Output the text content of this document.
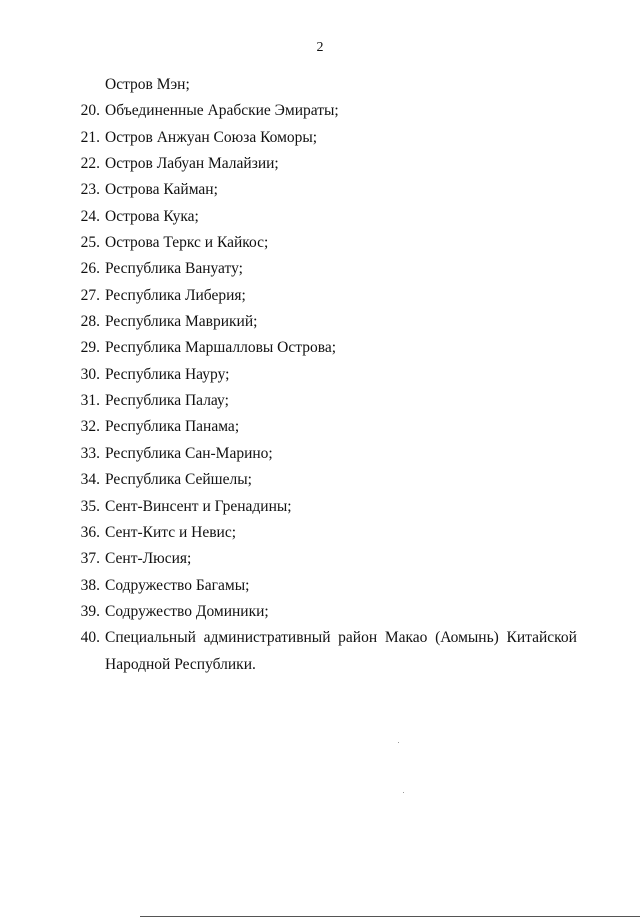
2
Остров Мэн;
20. Объединенные Арабские Эмираты;
21. Остров Анжуан Союза Коморы;
22. Остров Лабуан Малайзии;
23. Острова Кайман;
24. Острова Кука;
25. Острова Теркс и Кайкос;
26. Республика Вануату;
27. Республика Либерия;
28. Республика Маврикий;
29. Республика Маршалловы Острова;
30. Республика Науру;
31. Республика Палау;
32. Республика Панама;
33. Республика Сан-Марино;
34. Республика Сейшелы;
35. Сент-Винсент и Гренадины;
36. Сент-Китс и Невис;
37. Сент-Люсия;
38. Содружество Багамы;
39. Содружество Доминики;
40. Специальный административный район Макао (Аомынь) Китайской
Народной Республики.
